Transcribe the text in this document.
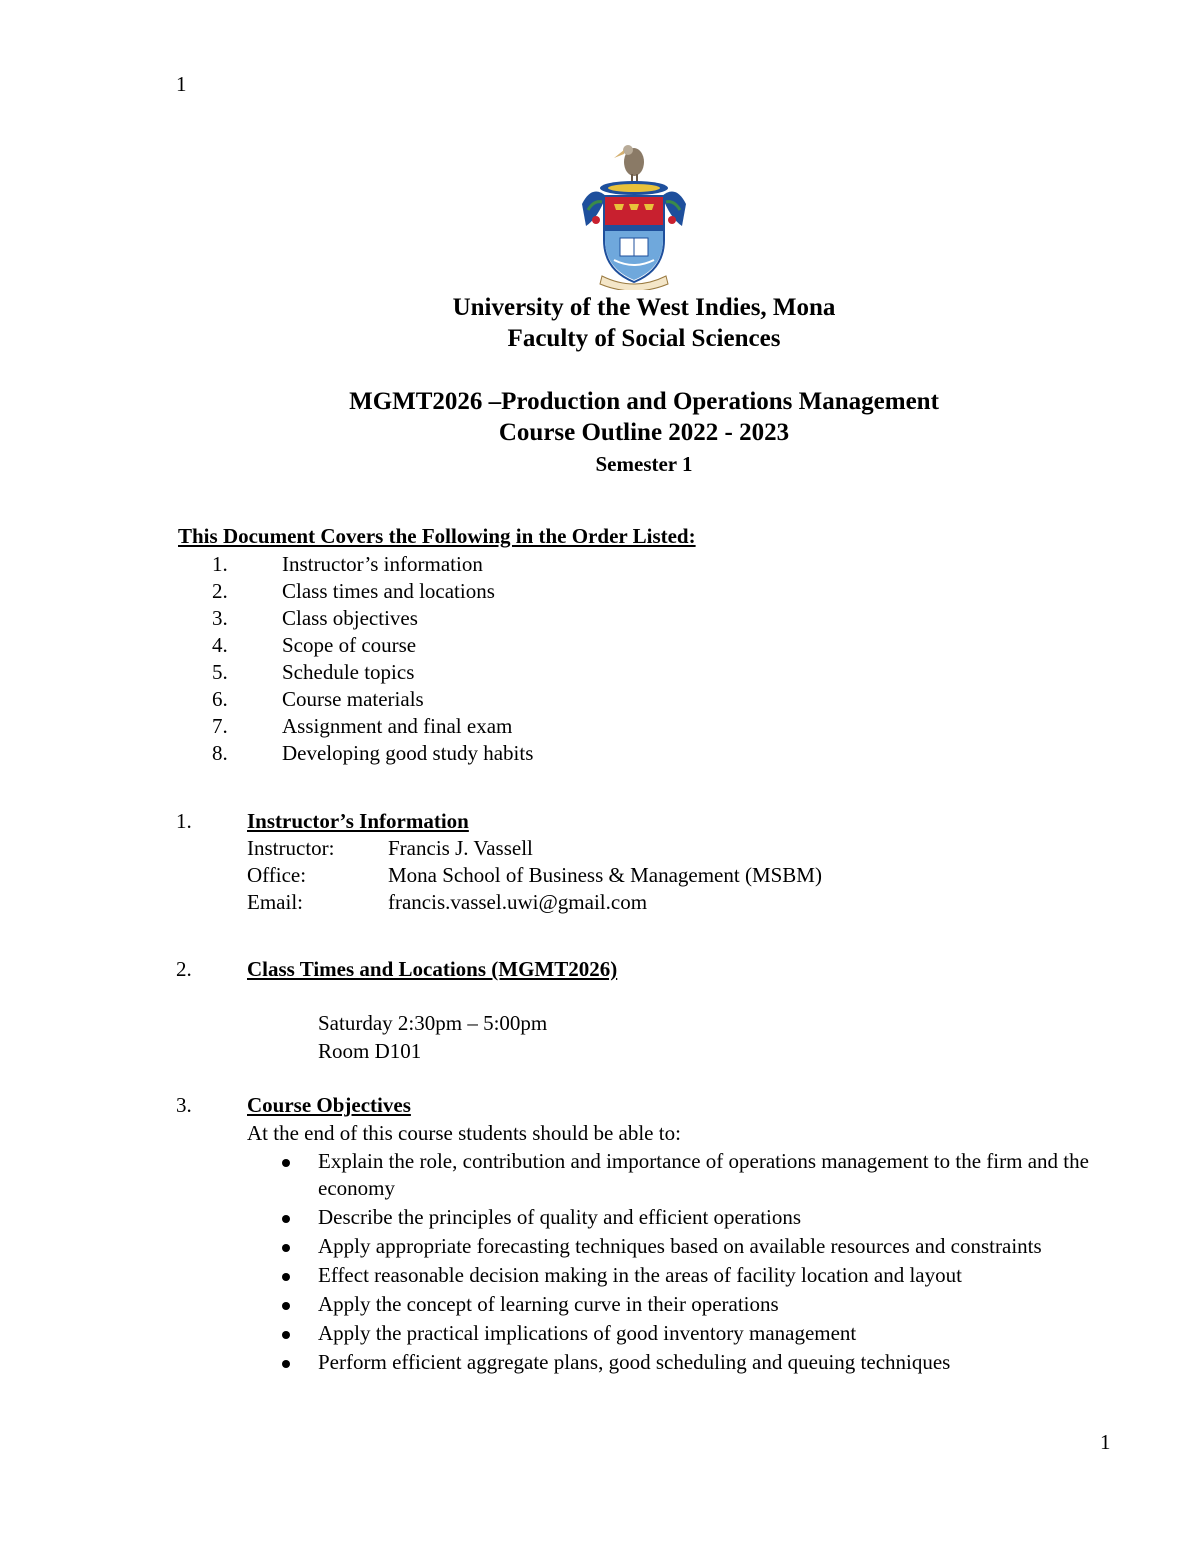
1
University of the West Indies, Mona
Faculty of Social Sciences
MGMT2026 –Production and Operations Management
Course Outline 2022 - 2023
Semester 1
This Document Covers the Following in the Order Listed:
1.	Instructor’s information
2.	Class times and locations
3.	Class objectives
4.	Scope of course
5.	Schedule topics
6.	Course materials
7.	Assignment and final exam
8.	Developing good study habits
1.	Instructor’s Information
Instructor:	Francis J. Vassell
Office:	Mona School of Business & Management (MSBM)
Email:	francis.vassel.uwi@gmail.com
2.	Class Times and Locations (MGMT2026)
Saturday 2:30pm – 5:00pm
Room D101
3.	Course Objectives
At the end of this course students should be able to:
Explain the role, contribution and importance of operations management to the firm and the economy
Describe the principles of quality and efficient operations
Apply appropriate forecasting techniques based on available resources and constraints
Effect reasonable decision making in the areas of facility location and layout
Apply the concept of learning curve in their operations
Apply the practical implications of good inventory management
Perform efficient aggregate plans, good scheduling and queuing techniques
1
